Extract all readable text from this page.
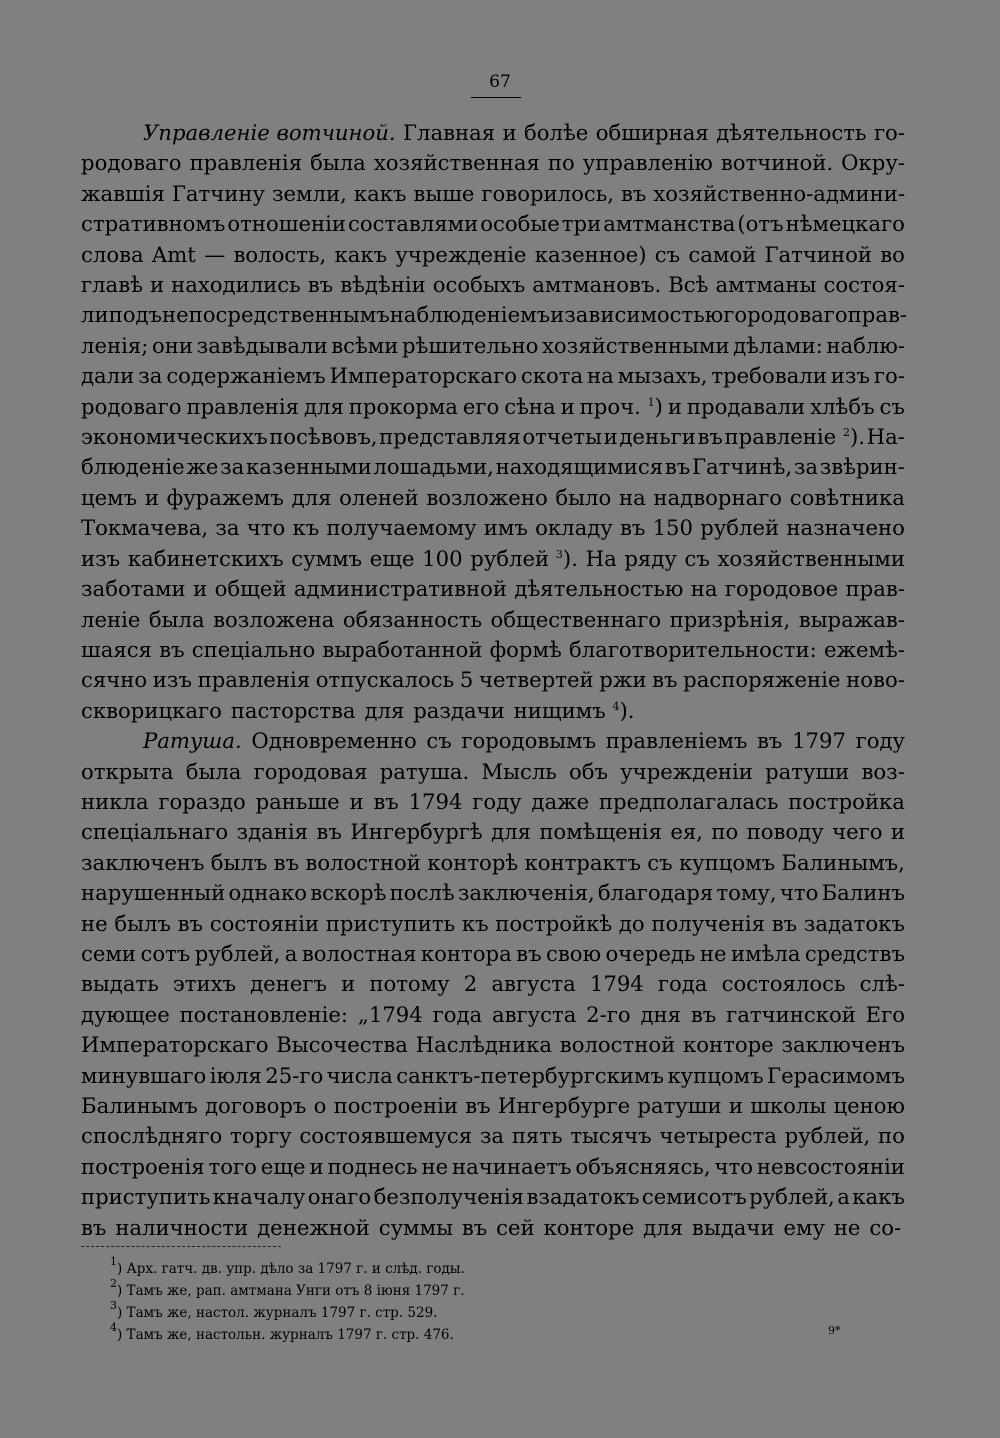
67
Управленіе вотчиной. Главная и болѣе обширная дѣятельность го-
родоваго правленія была хозяйственная по управленію вотчиной. Окру-
жавшія Гатчину земли, какъ выше говорилось, въ хозяйственно-админи-
стративномъ отношеніи составлями особые три амтманства (отъ нѣмецкаго
слова Amt — волость, какъ учрежденіе казенное) съ самой Гатчиной во
главѣ и находились въ вѣдѣніи особыхъ амтмановъ. Всѣ амтманы состоя-
ли подъ непосредственнымъ наблюденіемъ и зависимостью городоваго прав-
ленія; они завѣдывали всѣми рѣшительно хозяйственными дѣлами: наблю-
дали за содержаніемъ Императорскаго скота на мызахъ, требовали изъ го-
родоваго правленія для прокорма его сѣна и проч. $^1$) и продавали хлѣбъ съ
экономическихъ посѣвовъ, представляя отчеты и деньги въ правленіе $^2$). На-
блюденіе же за казенными лошадьми, находящимися въ Гатчинѣ, за звѣрин-
цемъ и фуражемъ для оленей возложено было на надворнаго совѣтника
Токмачева, за что къ получаемому имъ окладу въ 150 рублей назначено
изъ кабинетскихъ суммъ еще 100 рублей $^3$). На ряду съ хозяйственными
заботами и общей административной дѣятельностью на городовое прав-
леніе была возложена обязанность общественнаго призрѣнія, выражав-
шаяся въ спеціально выработанной формѣ благотворительности: ежемѣ-
сячно изъ правленія отпускалось 5 четвертей ржи въ распоряженіе ново-
скворицкаго пасторства для раздачи нищимъ $^4$).
Ратуша. Одновременно съ городовымъ правленіемъ въ 1797 году
открыта была городовая ратуша. Мысль объ учрежденіи ратуши воз-
никла гораздо раньше и въ 1794 году даже предполагалась постройка
спеціальнаго зданія въ Ингербургѣ для помѣщенія ея, по поводу чего и
заключенъ былъ въ волостной конторѣ контрактъ съ купцомъ Балинымъ,
нарушенный однако вскорѣ послѣ заключенія, благодаря тому, что Балинъ
не былъ въ состояніи приступить къ постройкѣ до полученія въ задатокъ
семи сотъ рублей, а волостная контора въ свою очередь не имѣла средствъ
выдать этихъ денегъ и потому 2 августа 1794 года состоялось слѣ-
дующее постановленіе: „1794 года августа 2-го дня въ гатчинской Его
Императорскаго Высочества Наслѣдника волостной конторе заключенъ
минувшаго іюля 25-го числа санктъ-петербургскимъ купцомъ Герасимомъ
Балинымъ договоръ о построеніи въ Ингербурге ратуши и школы ценою
спослѣдняго торгу состоявшемуся за пять тысячъ четыреста рублей, по
построенія того еще и поднесь не начинаетъ объясняясь, что невсостояніи
приступить кначалу онаго безполученія взадатокъ семисотъ рублей, а какъ
въ наличности денежной суммы въ сей конторе для выдачи ему не со-
$^1$) Арх. гатч. дв. упр. дѣло за 1797 г. и слѣд. годы.
$^2$) Тамъ же, рап. амтмана Унги отъ 8 іюня 1797 г.
$^3$) Тамъ же, настол. журналъ 1797 г. стр. 529.
$^4$) Тамъ же, настольн. журналъ 1797 г. стр. 476.	9*
